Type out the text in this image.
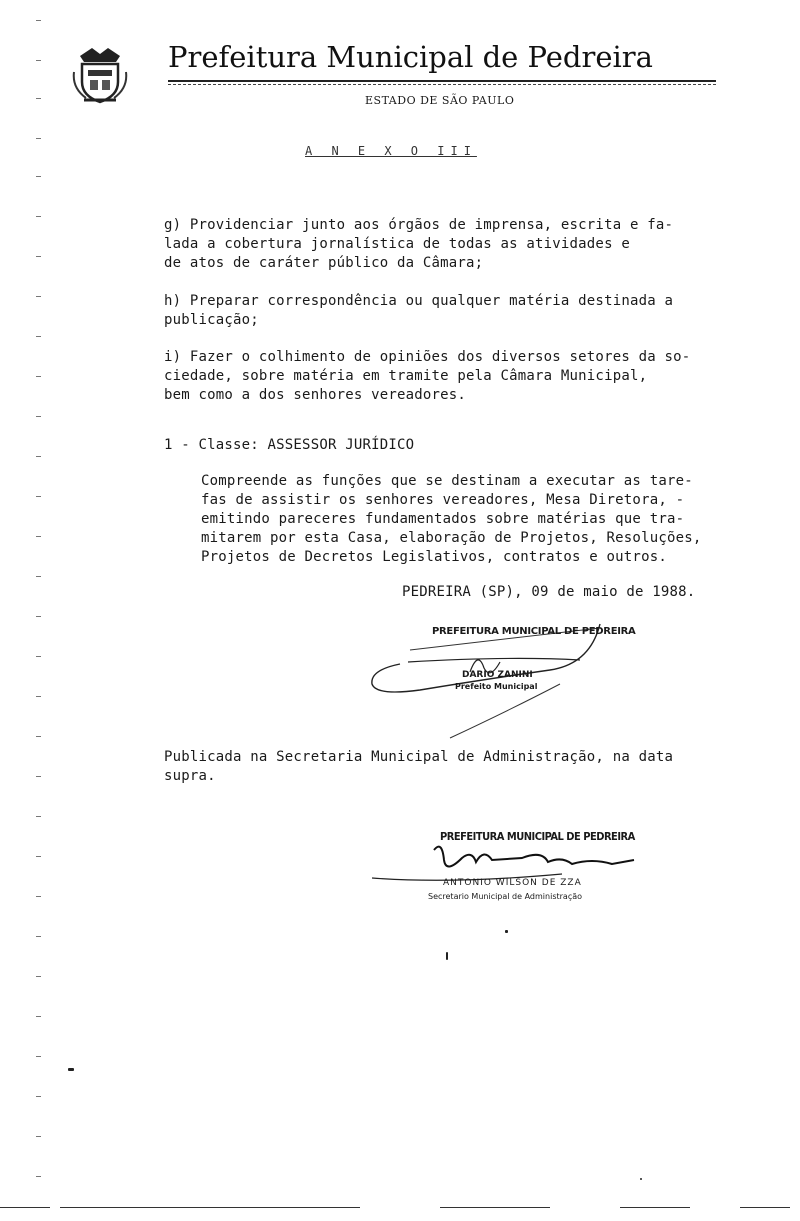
Prefeitura Municipal de Pedreira
ESTADO DE SÃO PAULO
A N E X O III
g) Providenciar junto aos órgãos de imprensa, escrita e fa-
lada a cobertura jornalística de todas as atividades e
de atos de caráter público da Câmara;
h) Preparar correspondência ou qualquer matéria destinada a
publicação;
i) Fazer o colhimento de opiniões dos diversos setores da so-
ciedade, sobre matéria em tramite pela Câmara Municipal,
bem como a dos senhores vereadores.
1 - Classe: ASSESSOR JURÍDICO
Compreende as funções que se destinam a executar as tare-
fas de assistir os senhores vereadores, Mesa Diretora, -
emitindo pareceres fundamentados sobre matérias que tra-
mitarem por esta Casa, elaboração de Projetos, Resoluções,
Projetos de Decretos Legislativos, contratos e outros.
PEDREIRA (SP), 09 de maio de 1988.
PREFEITURA MUNICIPAL DE PEDREIRA
DARIO ZANINI
Prefeito Municipal
Publicada na Secretaria Municipal de Administração, na data
supra.
PREFEITURA MUNICIPAL DE PEDREIRA
ANTONIO WILSON DE ZZA
Secretario Municipal de Administração
